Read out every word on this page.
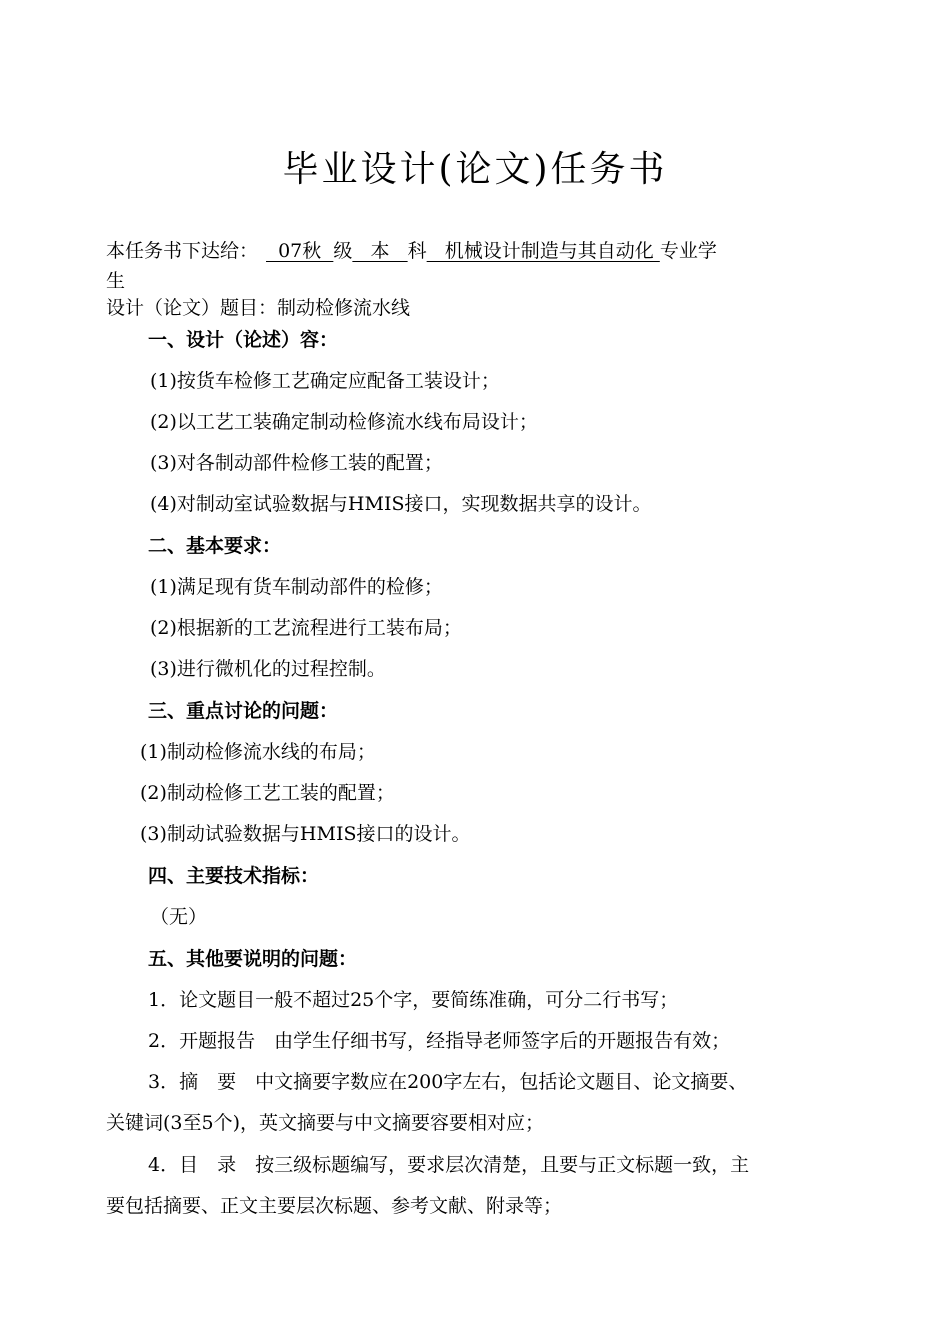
毕业设计(论文)任务书
本任务书下达给：  07秋  级   本   科   机械设计制造与其自动化 专业学
生
设计（论文）题目：制动检修流水线
一、设计（论述）容：
(1)按货车检修工艺确定应配备工装设计；
(2)以工艺工装确定制动检修流水线布局设计；
(3)对各制动部件检修工装的配置；
(4)对制动室试验数据与HMIS接口，实现数据共享的设计。
二、基本要求：
(1)满足现有货车制动部件的检修；
(2)根据新的工艺流程进行工装布局；
(3)进行微机化的过程控制。
三、重点讨论的问题：
(1)制动检修流水线的布局；
(2)制动检修工艺工装的配置；
(3)制动试验数据与HMIS接口的设计。
四、主要技术指标：
（无）
五、其他要说明的问题：
1．论文题目一般不超过25个字，要简练准确，可分二行书写；
2．开题报告　由学生仔细书写，经指导老师签字后的开题报告有效；
3．摘　要　中文摘要字数应在200字左右，包括论文题目、论文摘要、
关键词(3至5个)，英文摘要与中文摘要容要相对应；
4．目　录　按三级标题编写，要求层次清楚，且要与正文标题一致，主
要包括摘要、正文主要层次标题、参考文献、附录等；
